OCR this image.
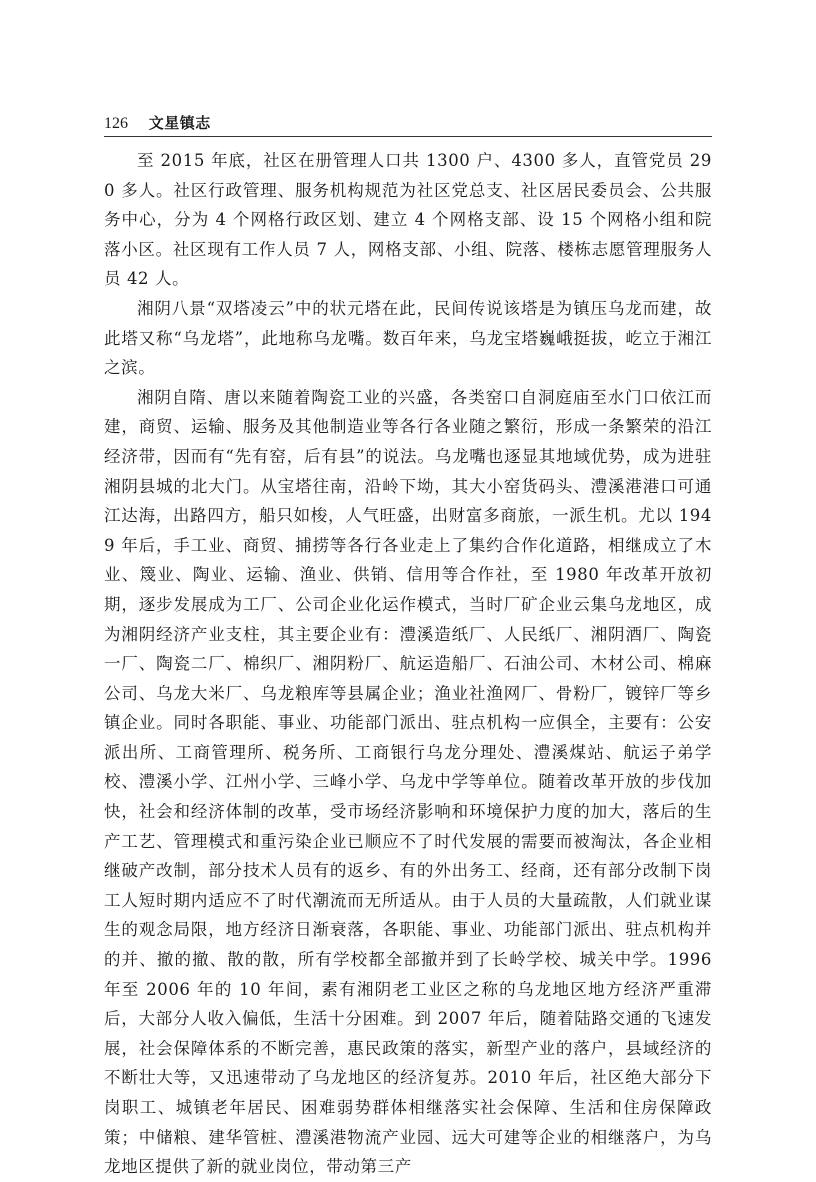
126 文星镇志

至 2015 年底，社区在册管理人口共 1300 户、4300 多人，直管党员 290 多人。社区行政管理、服务机构规范为社区党总支、社区居民委员会、公共服务中心，分为 4 个网格行政区划、建立 4 个网格支部、设 15 个网格小组和院落小区。社区现有工作人员 7 人，网格支部、小组、院落、楼栋志愿管理服务人员 42 人。

湘阴八景“双塔凌云”中的状元塔在此，民间传说该塔是为镇压乌龙而建，故此塔又称“乌龙塔”，此地称乌龙嘴。数百年来，乌龙宝塔巍峨挺拔，屹立于湘江之滨。

湘阴自隋、唐以来随着陶瓷工业的兴盛，各类窑口自洞庭庙至水门口依江而建，商贸、运输、服务及其他制造业等各行各业随之繁衍，形成一条繁荣的沿江经济带，因而有“先有窑，后有县”的说法。乌龙嘴也逐显其地域优势，成为进驻湘阴县城的北大门。从宝塔往南，沿岭下坳，其大小窑货码头、澧溪港港口可通江达海，出路四方，船只如梭，人气旺盛，出财富多商旅，一派生机。尤以 1949 年后，手工业、商贸、捕捞等各行各业走上了集约合作化道路，相继成立了木业、篾业、陶业、运输、渔业、供销、信用等合作社，至 1980 年改革开放初期，逐步发展成为工厂、公司企业化运作模式，当时厂矿企业云集乌龙地区，成为湘阴经济产业支柱，其主要企业有：澧溪造纸厂、人民纸厂、湘阴酒厂、陶瓷一厂、陶瓷二厂、棉织厂、湘阴粉厂、航运造船厂、石油公司、木材公司、棉麻公司、乌龙大米厂、乌龙粮库等县属企业；渔业社渔网厂、骨粉厂，镀锌厂等乡镇企业。同时各职能、事业、功能部门派出、驻点机构一应俱全，主要有：公安派出所、工商管理所、税务所、工商银行乌龙分理处、澧溪煤站、航运子弟学校、澧溪小学、江州小学、三峰小学、乌龙中学等单位。随着改革开放的步伐加快，社会和经济体制的改革，受市场经济影响和环境保护力度的加大，落后的生产工艺、管理模式和重污染企业已顺应不了时代发展的需要而被淘汰，各企业相继破产改制，部分技术人员有的返乡、有的外出务工、经商，还有部分改制下岗工人短时期内适应不了时代潮流而无所适从。由于人员的大量疏散，人们就业谋生的观念局限，地方经济日渐衰落，各职能、事业、功能部门派出、驻点机构并的并、撤的撤、散的散，所有学校都全部撤并到了长岭学校、城关中学。1996 年至 2006 年的 10 年间，素有湘阴老工业区之称的乌龙地区地方经济严重滞后，大部分人收入偏低，生活十分困难。到 2007 年后，随着陆路交通的飞速发展，社会保障体系的不断完善，惠民政策的落实，新型产业的落户，县域经济的不断壮大等，又迅速带动了乌龙地区的经济复苏。2010 年后，社区绝大部分下岗职工、城镇老年居民、困难弱势群体相继落实社会保障、生活和住房保障政策；中储粮、建华管桩、澧溪港物流产业园、远大可建等企业的相继落户，为乌龙地区提供了新的就业岗位，带动第三产
